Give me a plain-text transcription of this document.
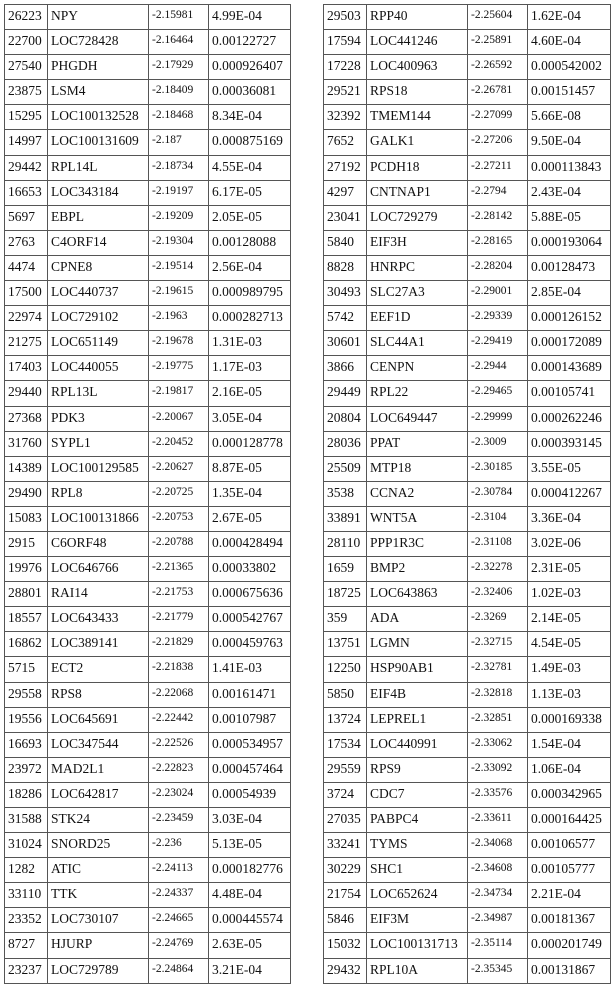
26223	NPY	-2.15981	4.99E-04
22700	LOC728428	-2.16464	0.00122727
27540	PHGDH	-2.17929	0.000926407
23875	LSM4	-2.18409	0.00036081
15295	LOC100132528	-2.18468	8.34E-04
14997	LOC100131609	-2.187	0.000875169
29442	RPL14L	-2.18734	4.55E-04
16653	LOC343184	-2.19197	6.17E-05
5697	EBPL	-2.19209	2.05E-05
2763	C4ORF14	-2.19304	0.00128088
4474	CPNE8	-2.19514	2.56E-04
17500	LOC440737	-2.19615	0.000989795
22974	LOC729102	-2.1963	0.000282713
21275	LOC651149	-2.19678	1.31E-03
17403	LOC440055	-2.19775	1.17E-03
29440	RPL13L	-2.19817	2.16E-05
27368	PDK3	-2.20067	3.05E-04
31760	SYPL1	-2.20452	0.000128778
14389	LOC100129585	-2.20627	8.87E-05
29490	RPL8	-2.20725	1.35E-04
15083	LOC100131866	-2.20753	2.67E-05
2915	C6ORF48	-2.20788	0.000428494
19976	LOC646766	-2.21365	0.00033802
28801	RAI14	-2.21753	0.000675636
18557	LOC643433	-2.21779	0.000542767
16862	LOC389141	-2.21829	0.000459763
5715	ECT2	-2.21838	1.41E-03
29558	RPS8	-2.22068	0.00161471
19556	LOC645691	-2.22442	0.00107987
16693	LOC347544	-2.22526	0.000534957
23972	MAD2L1	-2.22823	0.000457464
18286	LOC642817	-2.23024	0.00054939
31588	STK24	-2.23459	3.03E-04
31024	SNORD25	-2.236	5.13E-05
1282	ATIC	-2.24113	0.000182776
33110	TTK	-2.24337	4.48E-04
23352	LOC730107	-2.24665	0.000445574
8727	HJURP	-2.24769	2.63E-05
23237	LOC729789	-2.24864	3.21E-04
29503	RPP40	-2.25604	1.62E-04
17594	LOC441246	-2.25891	4.60E-04
17228	LOC400963	-2.26592	0.000542002
29521	RPS18	-2.26781	0.00151457
32392	TMEM144	-2.27099	5.66E-08
7652	GALK1	-2.27206	9.50E-04
27192	PCDH18	-2.27211	0.000113843
4297	CNTNAP1	-2.2794	2.43E-04
23041	LOC729279	-2.28142	5.88E-05
5840	EIF3H	-2.28165	0.000193064
8828	HNRPC	-2.28204	0.00128473
30493	SLC27A3	-2.29001	2.85E-04
5742	EEF1D	-2.29339	0.000126152
30601	SLC44A1	-2.29419	0.000172089
3866	CENPN	-2.2944	0.000143689
29449	RPL22	-2.29465	0.00105741
20804	LOC649447	-2.29999	0.000262246
28036	PPAT	-2.3009	0.000393145
25509	MTP18	-2.30185	3.55E-05
3538	CCNA2	-2.30784	0.000412267
33891	WNT5A	-2.3104	3.36E-04
28110	PPP1R3C	-2.31108	3.02E-06
1659	BMP2	-2.32278	2.31E-05
18725	LOC643863	-2.32406	1.02E-03
359	ADA	-2.3269	2.14E-05
13751	LGMN	-2.32715	4.54E-05
12250	HSP90AB1	-2.32781	1.49E-03
5850	EIF4B	-2.32818	1.13E-03
13724	LEPREL1	-2.32851	0.000169338
17534	LOC440991	-2.33062	1.54E-04
29559	RPS9	-2.33092	1.06E-04
3724	CDC7	-2.33576	0.000342965
27035	PABPC4	-2.33611	0.000164425
33241	TYMS	-2.34068	0.00106577
30229	SHC1	-2.34608	0.00105777
21754	LOC652624	-2.34734	2.21E-04
5846	EIF3M	-2.34987	0.00181367
15032	LOC100131713	-2.35114	0.000201749
29432	RPL10A	-2.35345	0.00131867
